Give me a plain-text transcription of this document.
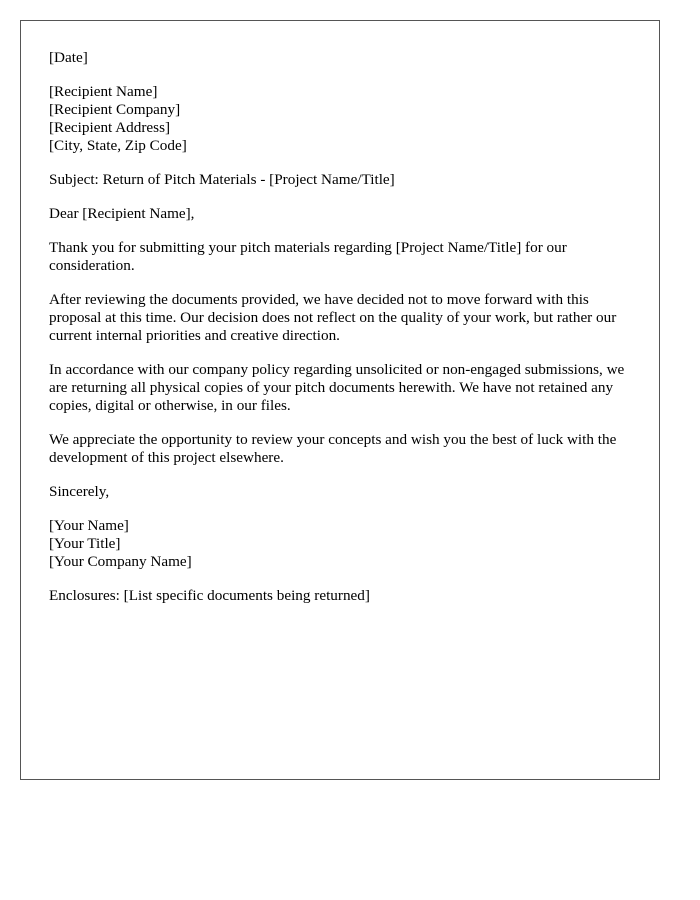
[Date]

[Recipient Name]
[Recipient Company]
[Recipient Address]
[City, State, Zip Code]

Subject: Return of Pitch Materials - [Project Name/Title]

Dear [Recipient Name],

Thank you for submitting your pitch materials regarding [Project Name/Title] for our consideration.

After reviewing the documents provided, we have decided not to move forward with this proposal at this time. Our decision does not reflect on the quality of your work, but rather our current internal priorities and creative direction.

In accordance with our company policy regarding unsolicited or non-engaged submissions, we are returning all physical copies of your pitch documents herewith. We have not retained any copies, digital or otherwise, in our files.

We appreciate the opportunity to review your concepts and wish you the best of luck with the development of this project elsewhere.

Sincerely,

[Your Name]
[Your Title]
[Your Company Name]

Enclosures: [List specific documents being returned]
